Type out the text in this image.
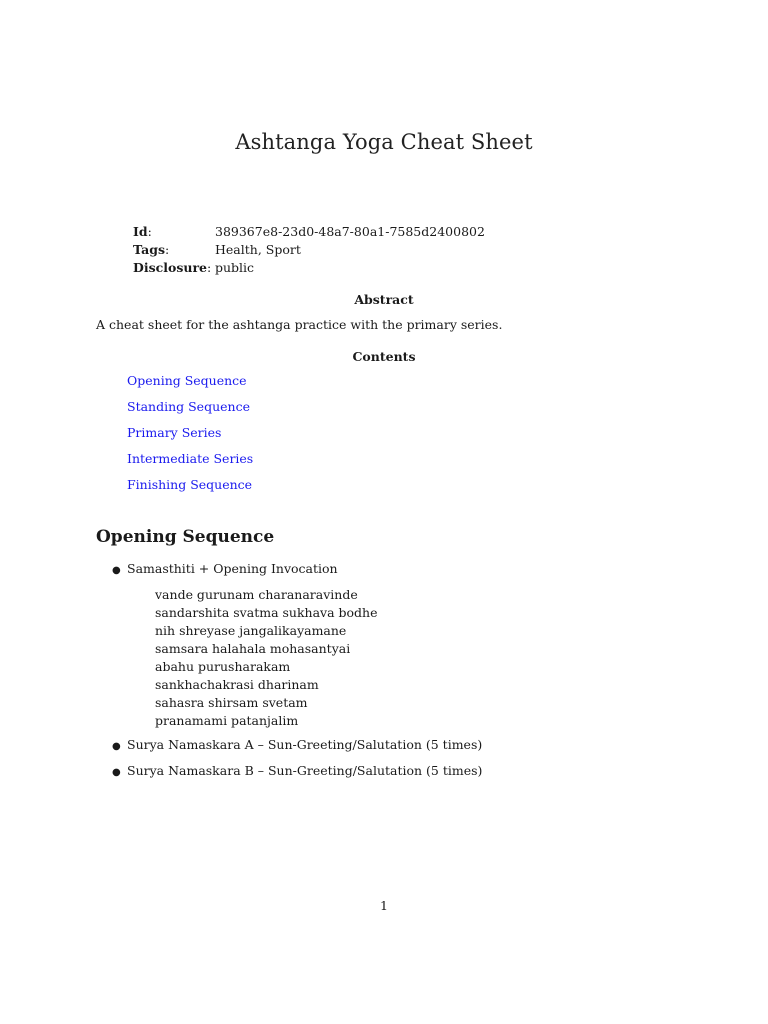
Ashtanga Yoga Cheat Sheet
Id:	389367e8-23d0-48a7-80a1-7585d2400802
Tags:	Health, Sport
Disclosure: public
Abstract
A cheat sheet for the ashtanga practice with the primary series.
Contents
Opening Sequence
Standing Sequence
Primary Series
Intermediate Series
Finishing Sequence
Opening Sequence
● Samasthiti + Opening Invocation
vande gurunam charanaravinde
sandarshita svatma sukhava bodhe
nih shreyase jangalikayamane
samsara halahala mohasantyai
abahu purusharakam
sankhachakrasi dharinam
sahasra shirsam svetam
pranamami patanjalim
● Surya Namaskara A – Sun-Greeting/Salutation (5 times)
● Surya Namaskara B – Sun-Greeting/Salutation (5 times)
1
